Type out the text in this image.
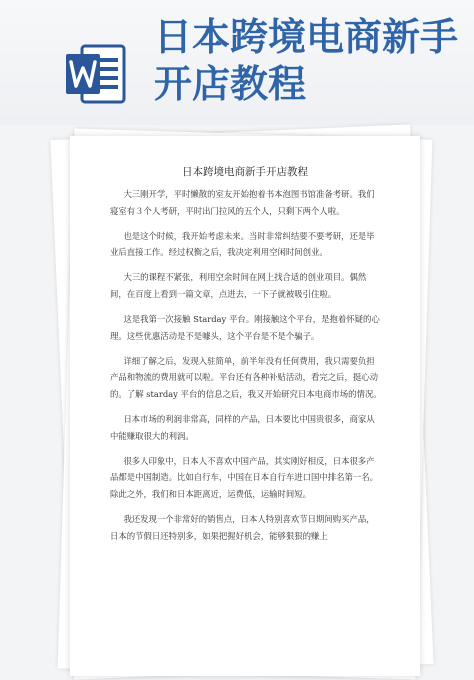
日本跨境电商新手
开店教程
日本跨境电商新手开店教程

大三刚开学，平时懒散的室友开始抱着书本泡图书馆准备考研。我们寝室有３个人考研，平时出门拉风的五个人，只剩下两个人啦。

也是这个时候，我开始考虑未来。当时非常纠结要不要考研，还是毕业后直接工作。经过权衡之后，我决定利用空闲时间创业。

大三的课程不紧张，利用空余时间在网上找合适的创业项目。偶然间，在百度上看到一篇文章，点进去，一下子就被吸引住啦。

这是我第一次接触 Starday 平台。刚接触这个平台，是抱着怀疑的心理。这些优惠活动是不是噱头，这个平台是不是个骗子。

详细了解之后，发现入驻简单，前半年没有任何费用，我只需要负担产品和物流的费用就可以啦。平台还有各种补贴活动，看完之后，挺心动的。了解 starday 平台的信息之后，我又开始研究日本电商市场的情况。

日本市场的利润非常高，同样的产品，日本要比中国贵很多，商家从中能赚取很大的利润。

很多人印象中，日本人不喜欢中国产品，其实刚好相反，日本很多产品都是中国制造。比如自行车，中国在日本自行车进口国中排名第一名。除此之外，我们和日本距离近，运费低，运输时间短。

我还发现一个非常好的销售点，日本人特别喜欢节日期间购买产品，日本的节假日还特别多，如果把握好机会，能够狠狠的赚上
